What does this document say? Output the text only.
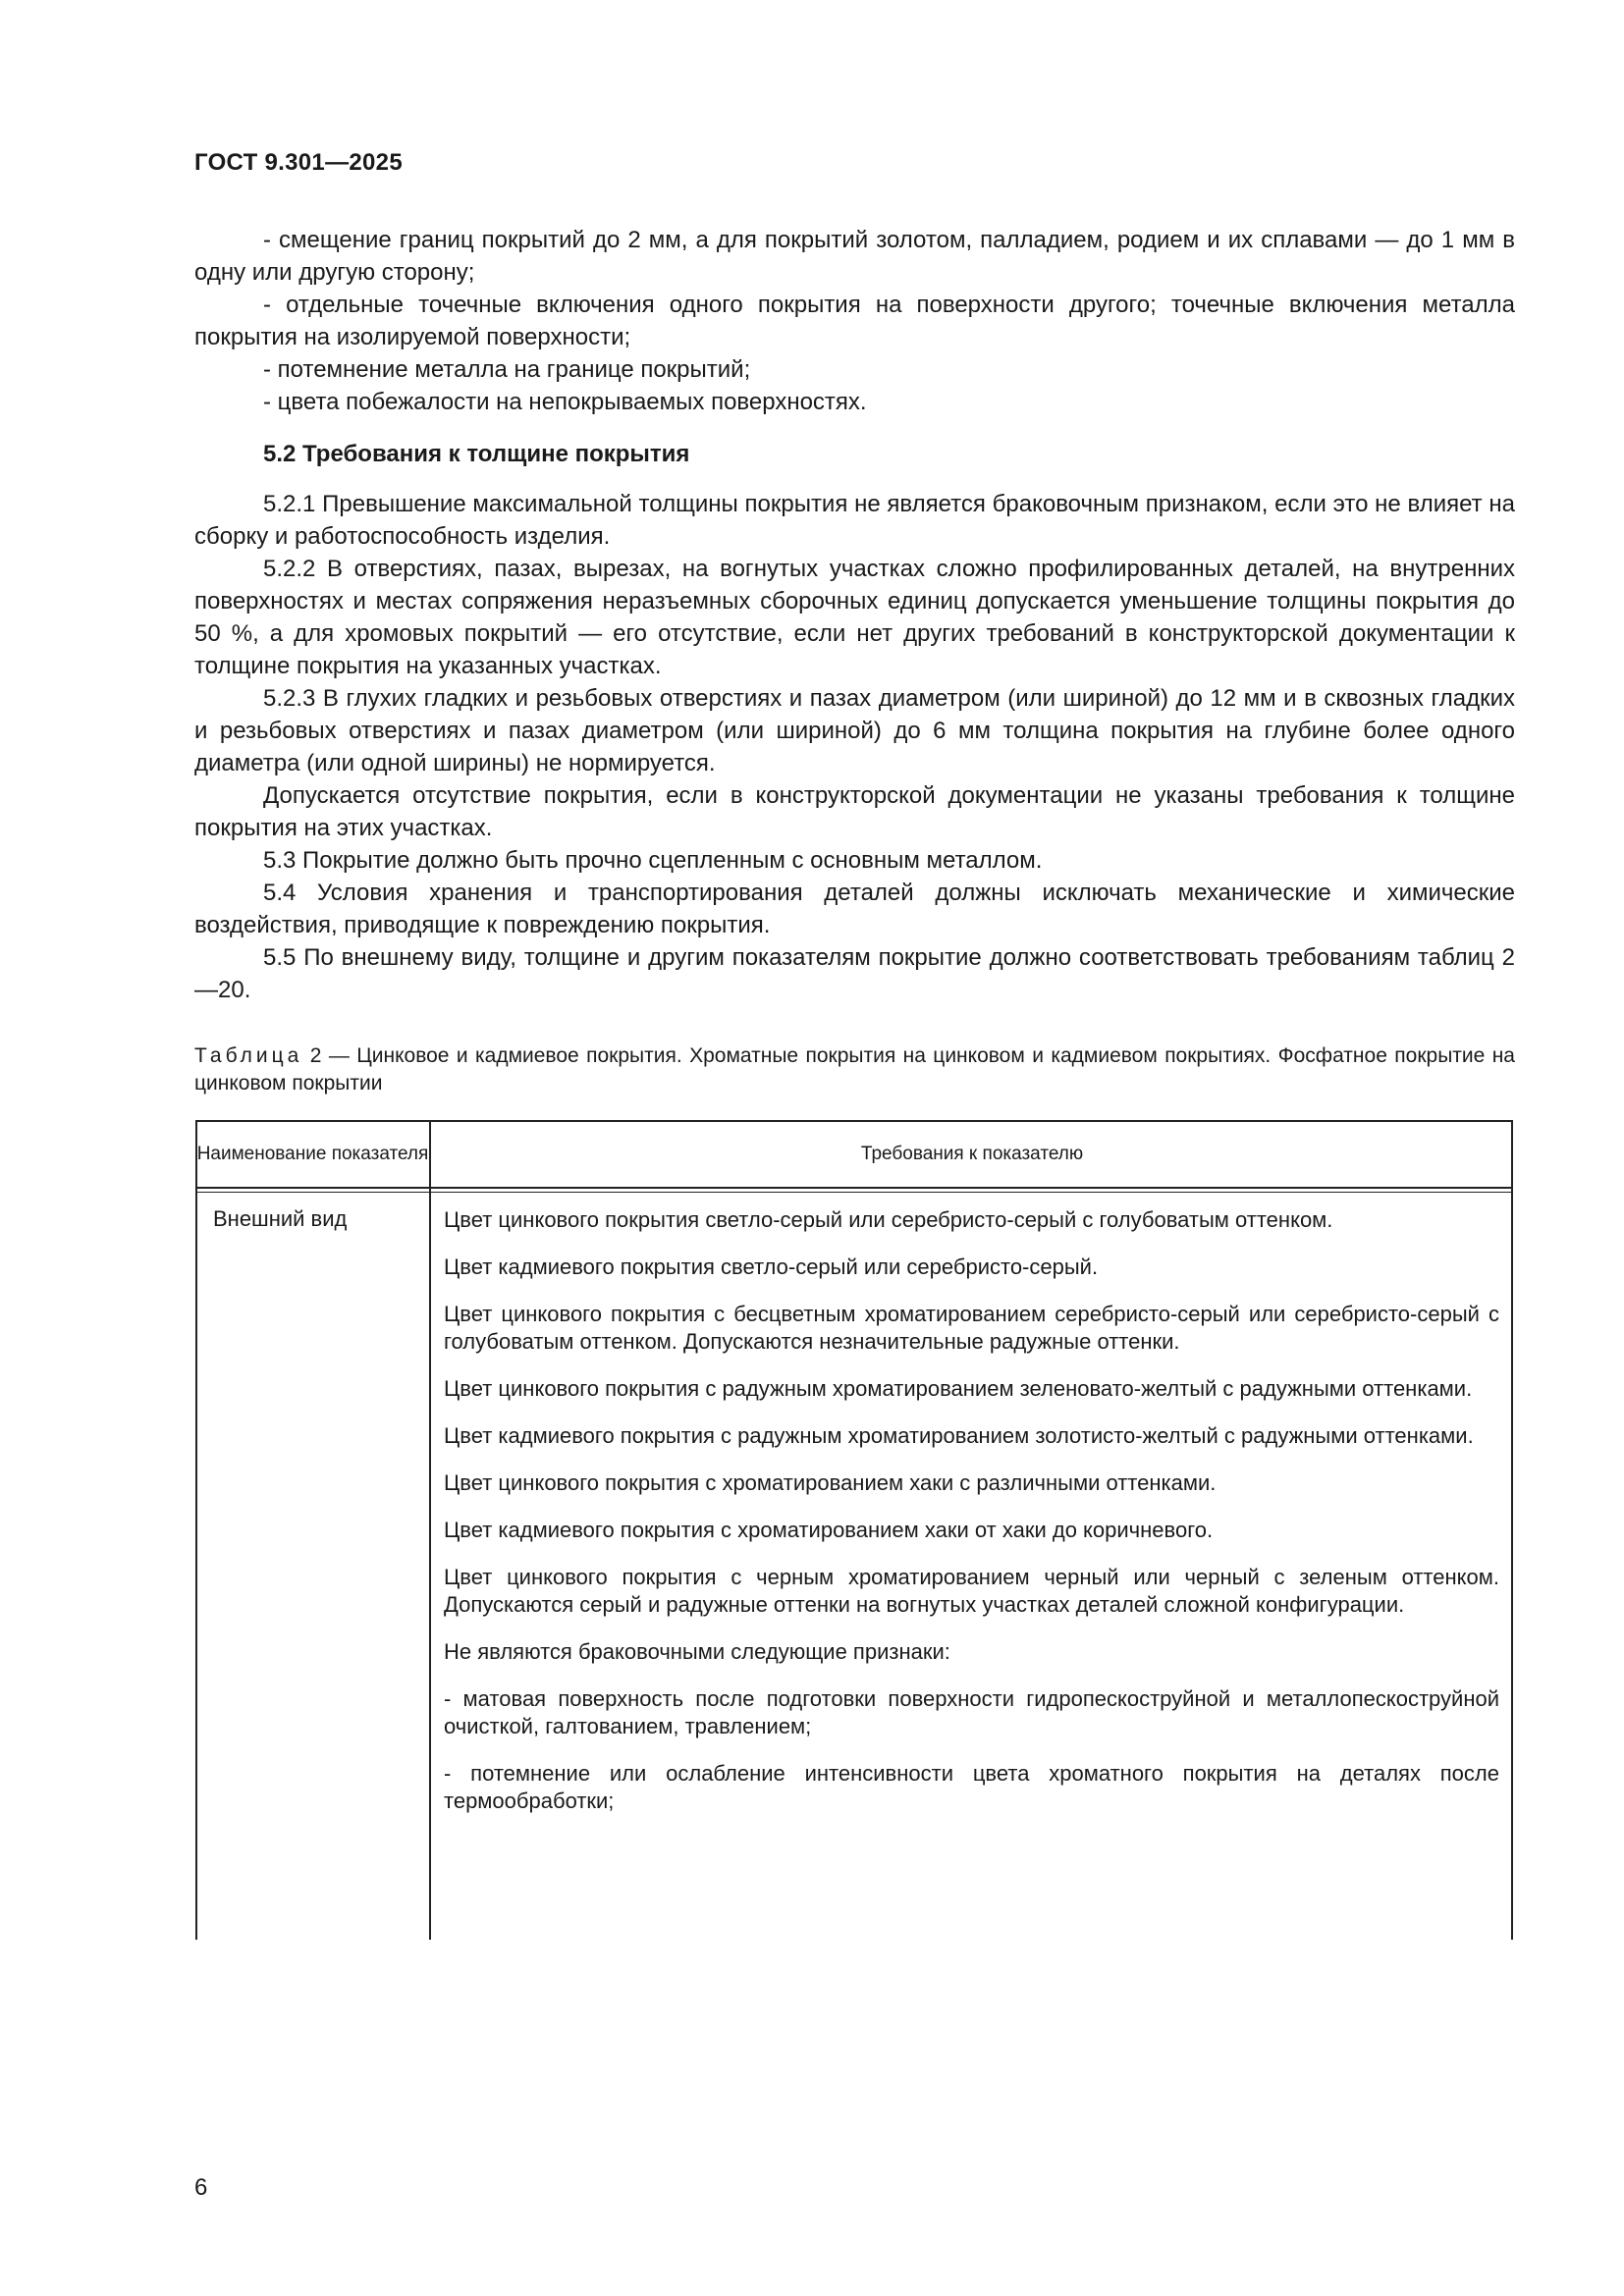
ГОСТ 9.301—2025

- смещение границ покрытий до 2 мм, а для покрытий золотом, палладием, родием и их сплавами — до 1 мм в одну или другую сторону;

- отдельные точечные включения одного покрытия на поверхности другого; точечные включения металла покрытия на изолируемой поверхности;

- потемнение металла на границе покрытий;

- цвета побежалости на непокрываемых поверхностях.

5.2 Требования к толщине покрытия

5.2.1 Превышение максимальной толщины покрытия не является браковочным признаком, если это не влияет на сборку и работоспособность изделия.

5.2.2 В отверстиях, пазах, вырезах, на вогнутых участках сложно профилированных деталей, на внутренних поверхностях и местах сопряжения неразъемных сборочных единиц допускается уменьшение толщины покрытия до 50 %, а для хромовых покрытий — его отсутствие, если нет других требований в конструкторской документации к толщине покрытия на указанных участках.

5.2.3 В глухих гладких и резьбовых отверстиях и пазах диаметром (или шириной) до 12 мм и в сквозных гладких и резьбовых отверстиях и пазах диаметром (или шириной) до 6 мм толщина покрытия на глубине более одного диаметра (или одной ширины) не нормируется.

Допускается отсутствие покрытия, если в конструкторской документации не указаны требования к толщине покрытия на этих участках.

5.3 Покрытие должно быть прочно сцепленным с основным металлом.

5.4 Условия хранения и транспортирования деталей должны исключать механические и химические воздействия, приводящие к повреждению покрытия.

5.5 По внешнему виду, толщине и другим показателям покрытие должно соответствовать требованиям таблиц 2—20.

Таблица 2 — Цинковое и кадмиевое покрытия. Хроматные покрытия на цинковом и кадмиевом покрытиях. Фосфатное покрытие на цинковом покрытии
Наименование показателя	Требования к показателю
Внешний вид	Цвет цинкового покрытия светло-серый или серебристо-серый с голубоватым оттенком.

Цвет кадмиевого покрытия светло-серый или серебристо-серый.

Цвет цинкового покрытия с бесцветным хроматированием серебристо-серый или серебристо-серый с голубоватым оттенком. Допускаются незначительные радужные оттенки.

Цвет цинкового покрытия с радужным хроматированием зеленовато-желтый с радужными оттенками.

Цвет кадмиевого покрытия с радужным хроматированием золотисто-желтый с радужными оттенками.

Цвет цинкового покрытия с хроматированием хаки с различными оттенками.

Цвет кадмиевого покрытия с хроматированием хаки от хаки до коричневого.

Цвет цинкового покрытия с черным хроматированием черный или черный с зеленым оттенком. Допускаются серый и радужные оттенки на вогнутых участках деталей сложной конфигурации.

Не являются браковочными следующие признаки:

- матовая поверхность после подготовки поверхности гидропескоструйной и металлопескоструйной очисткой, галтованием, травлением;

- потемнение или ослабление интенсивности цвета хроматного покрытия на деталях после термообработки;

6
